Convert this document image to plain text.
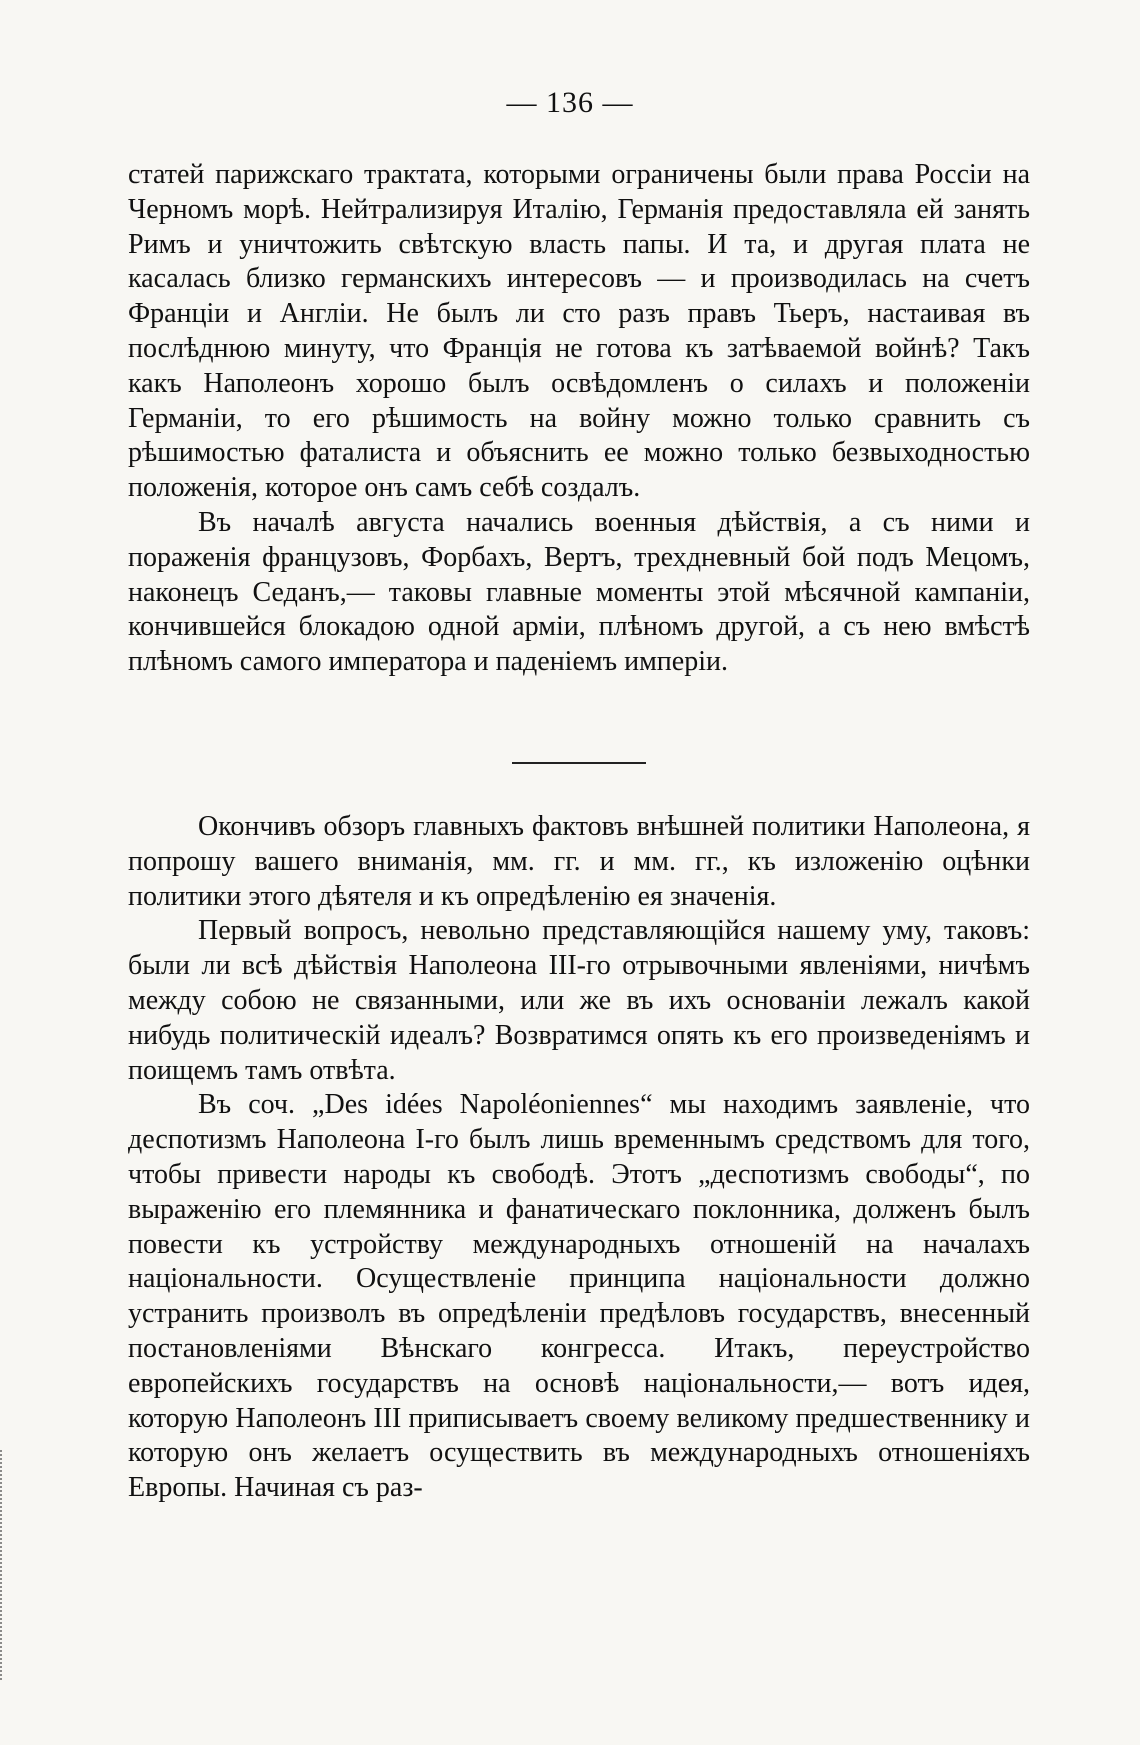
— 136 —

статей парижскаго трактата, которыми ограничены были права Россіи на Черномъ морѣ. Нейтрализируя Италію, Германія предоставляла ей занять Римъ и уничтожить свѣтскую власть папы. И та, и другая плата не касалась близко германскихъ интересовъ — и производилась на счетъ Франціи и Англіи. Не былъ ли сто разъ правъ Тьеръ, настаивая въ послѣднюю минуту, что Франція не готова къ затѣваемой войнѣ? Такъ какъ Наполеонъ хорошо былъ освѣдомленъ о силахъ и положеніи Германіи, то его рѣшимость на войну можно только сравнить съ рѣшимостью фаталиста и объяснить ее можно только безвыходностью положенія, которое онъ самъ себѣ создалъ.

Въ началѣ августа начались военныя дѣйствія, а съ ними и пораженія французовъ, Форбахъ, Вертъ, трехдневный бой подъ Мецомъ, наконецъ Седанъ,— таковы главные моменты этой мѣсячной кампаніи, кончившейся блокадою одной арміи, плѣномъ другой, а съ нею вмѣстѣ плѣномъ самого императора и паденіемъ имперіи.

Окончивъ обзоръ главныхъ фактовъ внѣшней политики Наполеона, я попрошу вашего вниманія, мм. гг. и мм. гг., къ изложенію оцѣнки политики этого дѣятеля и къ опредѣленію ея значенія.

Первый вопросъ, невольно представляющійся нашему уму, таковъ: были ли всѣ дѣйствія Наполеона III-го отрывочными явленіями, ничѣмъ между собою не связанными, или же въ ихъ основаніи лежалъ какой нибудь политическій идеалъ? Возвратимся опять къ его произведеніямъ и поищемъ тамъ отвѣта.

Въ соч. „Des idées Napoléoniennes“ мы находимъ заявленіе, что деспотизмъ Наполеона I-го былъ лишь временнымъ средствомъ для того, чтобы привести народы къ свободѣ. Этотъ „деспотизмъ свободы“, по выраженію его племянника и фанатическаго поклонника, долженъ былъ повести къ устройству международныхъ отношеній на началахъ національности. Осуществленіе принципа національности должно устранить произволъ въ опредѣленіи предѣловъ государствъ, внесенный постановленіями Вѣнскаго конгресса. Итакъ, переустройство европейскихъ государствъ на основѣ національности,— вотъ идея, которую Наполеонъ III приписываетъ своему великому предшественнику и которую онъ желаетъ осуществить въ международныхъ отношеніяхъ Европы. Начиная съ раз-
